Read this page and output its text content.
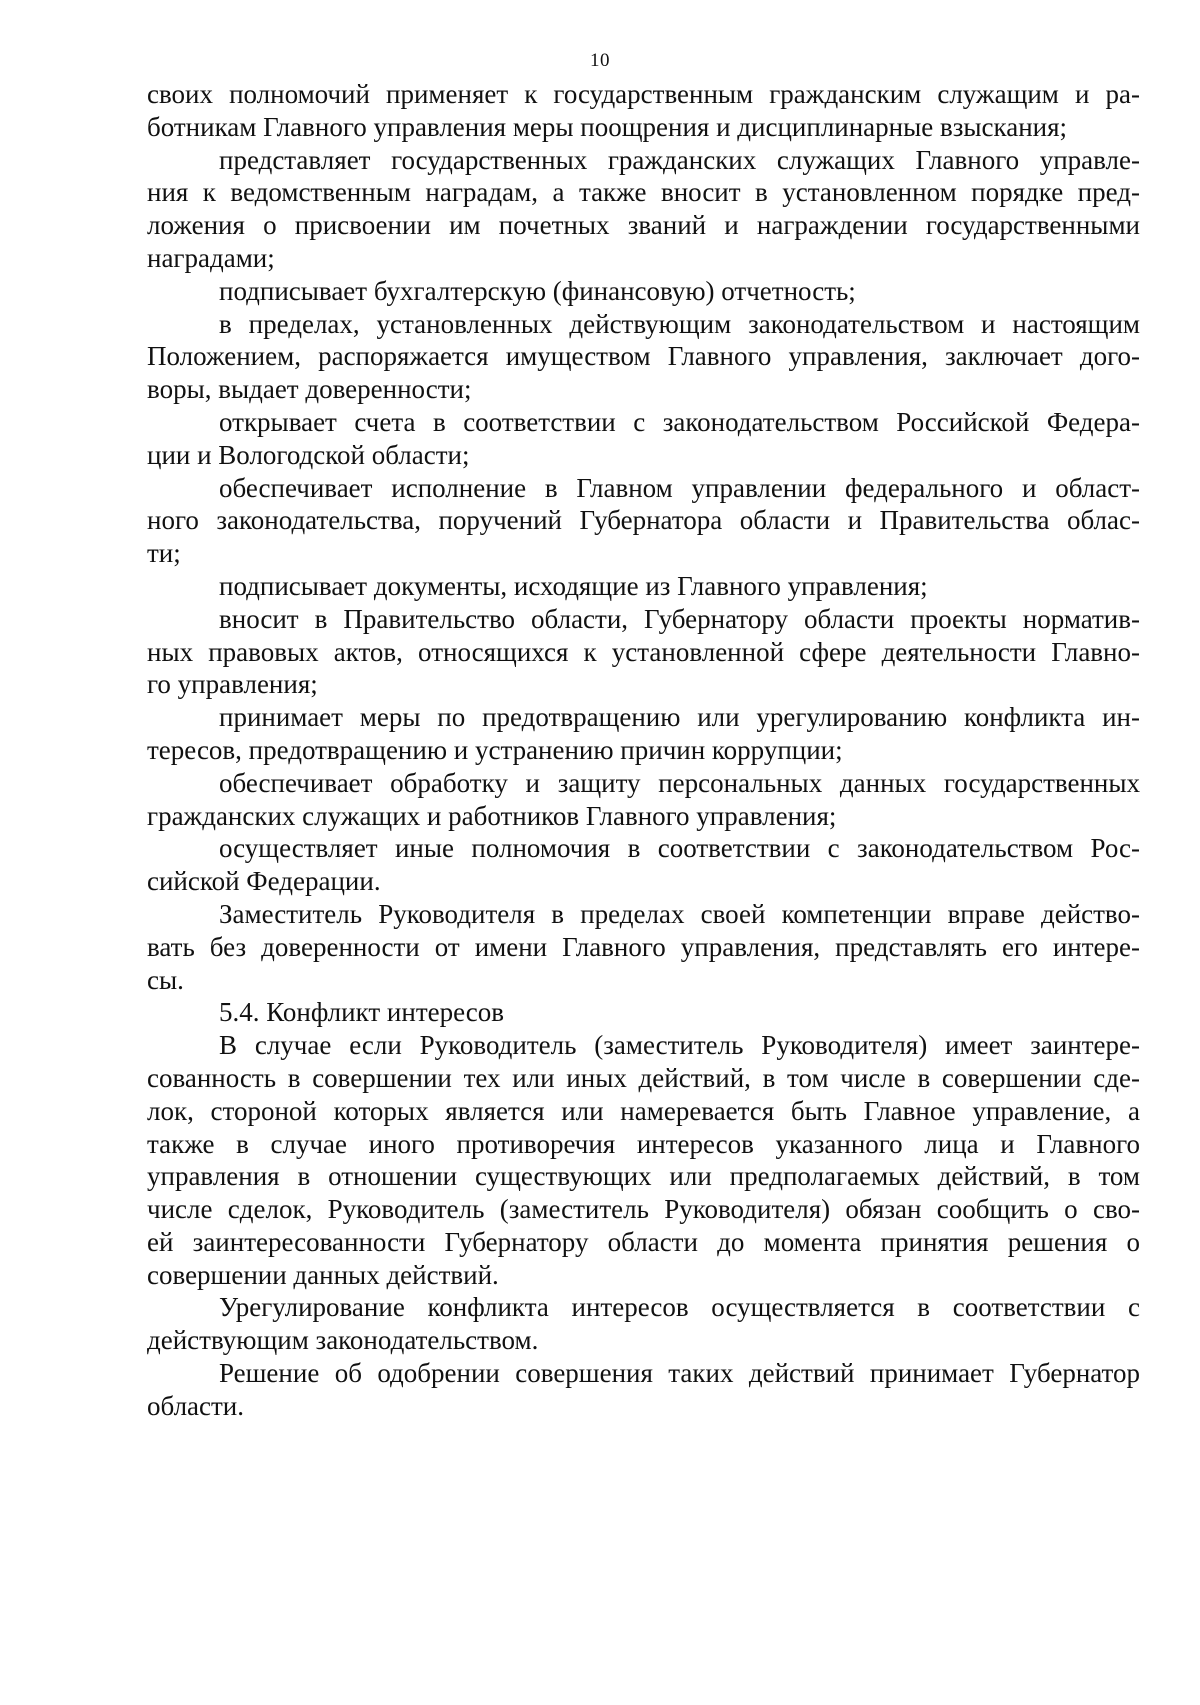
10
своих полномочий применяет к государственным гражданским служащим и ра-
ботникам Главного управления меры поощрения и дисциплинарные взыскания;
представляет государственных гражданских служащих Главного управле-
ния к ведомственным наградам, а также вносит в установленном порядке пред-
ложения о присвоении им почетных званий и награждении государственными
наградами;
подписывает бухгалтерскую (финансовую) отчетность;
в пределах, установленных действующим законодательством и настоящим
Положением, распоряжается имуществом Главного управления, заключает дого-
воры, выдает доверенности;
открывает счета в соответствии с законодательством Российской Федера-
ции и Вологодской области;
обеспечивает исполнение в Главном управлении федерального и област-
ного законодательства, поручений Губернатора области и Правительства облас-
ти;
подписывает документы, исходящие из Главного управления;
вносит в Правительство области, Губернатору области проекты норматив-
ных правовых актов, относящихся к установленной сфере деятельности Главно-
го управления;
принимает меры по предотвращению или урегулированию конфликта ин-
тересов, предотвращению и устранению причин коррупции;
обеспечивает обработку и защиту персональных данных государственных
гражданских служащих и работников Главного управления;
осуществляет иные полномочия в соответствии с законодательством Рос-
сийской Федерации.
Заместитель Руководителя в пределах своей компетенции вправе действо-
вать без доверенности от имени Главного управления, представлять его интере-
сы.
5.4. Конфликт интересов
В случае если Руководитель (заместитель Руководителя) имеет заинтере-
сованность в совершении тех или иных действий, в том числе в совершении сде-
лок, стороной которых является или намеревается быть Главное управление, а
также в случае иного противоречия интересов указанного лица и Главного
управления в отношении существующих или предполагаемых действий, в том
числе сделок, Руководитель (заместитель Руководителя) обязан сообщить о сво-
ей заинтересованности Губернатору области до момента принятия решения о
совершении данных действий.
Урегулирование конфликта интересов осуществляется в соответствии с
действующим законодательством.
Решение об одобрении совершения таких действий принимает Губернатор
области.
